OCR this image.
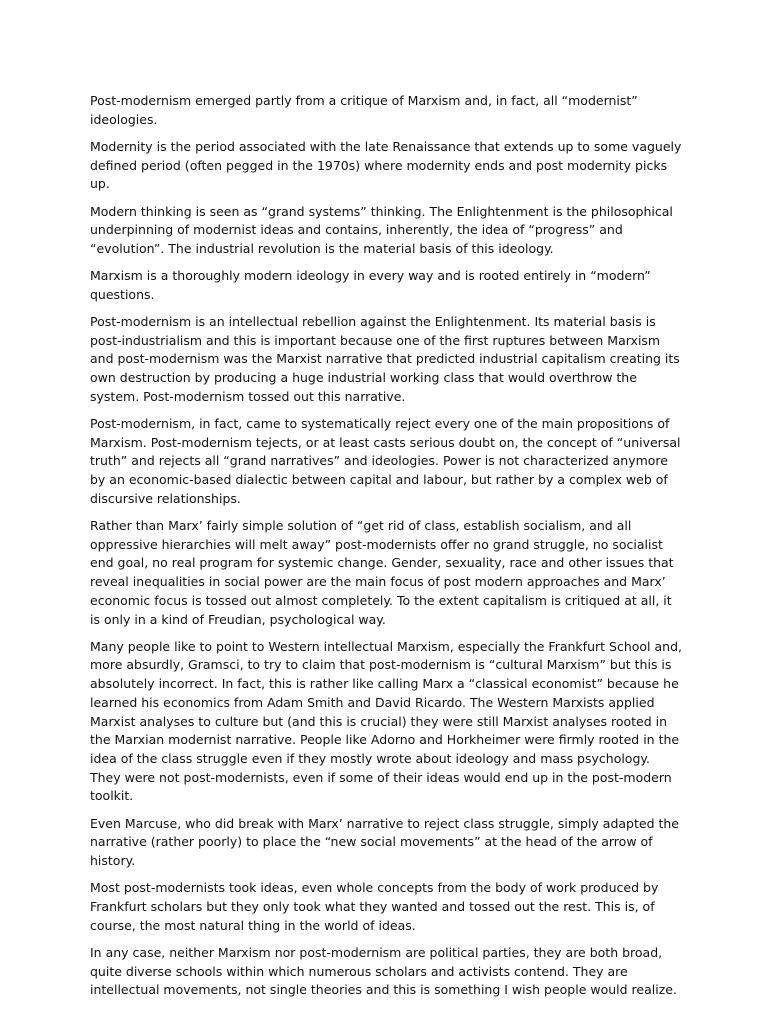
Post-modernism emerged partly from a critique of Marxism and, in fact, all “modernist” ideologies.

Modernity is the period associated with the late Renaissance that extends up to some vaguely defined period (often pegged in the 1970s) where modernity ends and post modernity picks up.

Modern thinking is seen as “grand systems” thinking. The Enlightenment is the philosophical underpinning of modernist ideas and contains, inherently, the idea of “progress” and “evolution”. The industrial revolution is the material basis of this ideology.

Marxism is a thoroughly modern ideology in every way and is rooted entirely in “modern” questions.

Post-modernism is an intellectual rebellion against the Enlightenment. Its material basis is post-industrialism and this is important because one of the first ruptures between Marxism and post-modernism was the Marxist narrative that predicted industrial capitalism creating its own destruction by producing a huge industrial working class that would overthrow the system. Post-modernism tossed out this narrative.

Post-modernism, in fact, came to systematically reject every one of the main propositions of Marxism. Post-modernism tejects, or at least casts serious doubt on, the concept of “universal truth” and rejects all “grand narratives” and ideologies. Power is not characterized anymore by an economic-based dialectic between capital and labour, but rather by a complex web of discursive relationships.

Rather than Marx’ fairly simple solution of “get rid of class, establish socialism, and all oppressive hierarchies will melt away” post-modernists offer no grand struggle, no socialist end goal, no real program for systemic change. Gender, sexuality, race and other issues that reveal inequalities in social power are the main focus of post modern approaches and Marx’ economic focus is tossed out almost completely. To the extent capitalism is critiqued at all, it is only in a kind of Freudian, psychological way.

Many people like to point to Western intellectual Marxism, especially the Frankfurt School and, more absurdly, Gramsci, to try to claim that post-modernism is “cultural Marxism” but this is absolutely incorrect. In fact, this is rather like calling Marx a “classical economist” because he learned his economics from Adam Smith and David Ricardo. The Western Marxists applied Marxist analyses to culture but (and this is crucial) they were still Marxist analyses rooted in the Marxian modernist narrative. People like Adorno and Horkheimer were firmly rooted in the idea of the class struggle even if they mostly wrote about ideology and mass psychology. They were not post-modernists, even if some of their ideas would end up in the post-modern toolkit.

Even Marcuse, who did break with Marx’ narrative to reject class struggle, simply adapted the narrative (rather poorly) to place the “new social movements” at the head of the arrow of history.

Most post-modernists took ideas, even whole concepts from the body of work produced by Frankfurt scholars but they only took what they wanted and tossed out the rest. This is, of course, the most natural thing in the world of ideas.

In any case, neither Marxism nor post-modernism are political parties, they are both broad, quite diverse schools within which numerous scholars and activists contend. They are intellectual movements, not single theories and this is something I wish people would realize.
